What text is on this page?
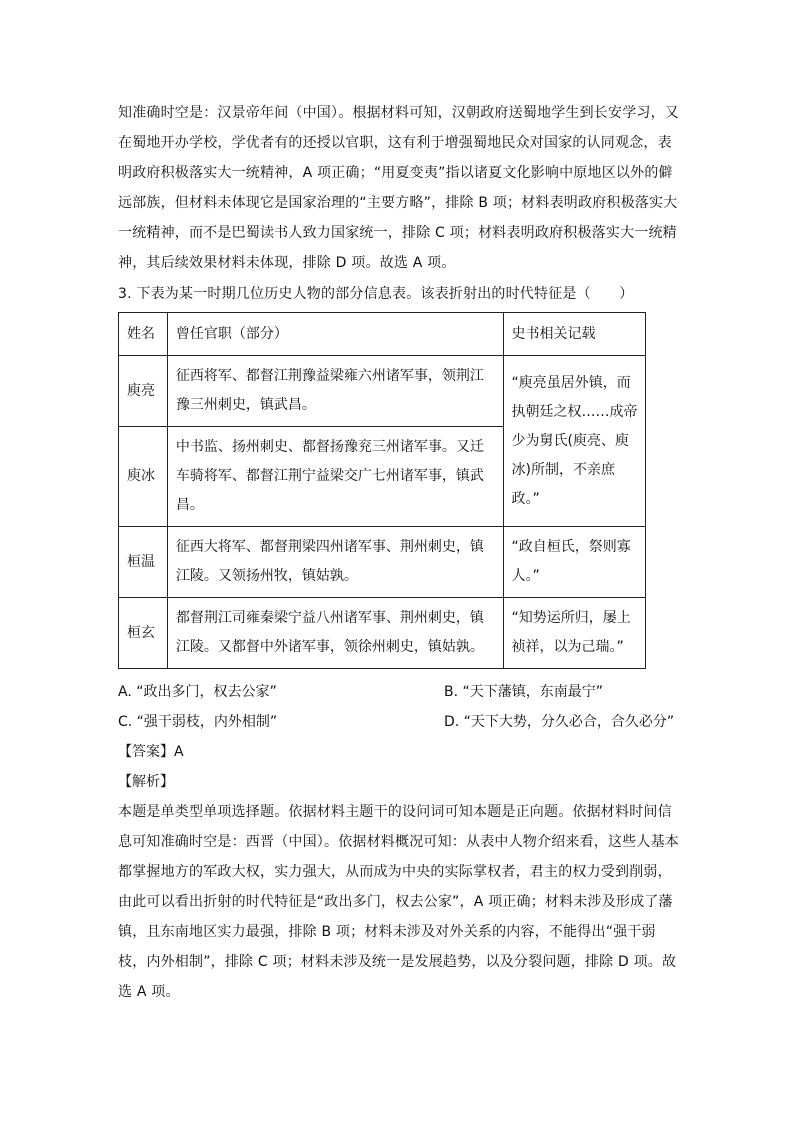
知准确时空是：汉景帝年间（中国）。根据材料可知，汉朝政府送蜀地学生到长安学习，又
在蜀地开办学校，学优者有的还授以官职，这有利于增强蜀地民众对国家的认同观念，表
明政府积极落实大一统精神，A 项正确；“用夏变夷”指以诸夏文化影响中原地区以外的僻
远部族，但材料未体现它是国家治理的“主要方略”，排除 B 项；材料表明政府积极落实大
一统精神，而不是巴蜀读书人致力国家统一，排除 C 项；材料表明政府积极落实大一统精
神，其后续效果材料未体现，排除 D 项。故选 A 项。

3. 下表为某一时期几位历史人物的部分信息表。该表折射出的时代特征是（　　）

姓名	曾任官职（部分）	史书相关记载
庾亮	征西将军、都督江荆豫益梁雍六州诸军事，领荆江
豫三州刺史，镇武昌。	“庾亮虽居外镇，而
执朝廷之权……成帝
少为舅氏(庾亮、庾
冰)所制，不亲庶
政。”

庾冰	中书监、扬州刺史、都督扬豫兖三州诸军事。又迁
车骑将军、都督江荆宁益梁交广七州诸军事，镇武
昌。	

桓温	征西大将军、都督荆梁四州诸军事、荆州刺史，镇
江陵。又领扬州牧，镇姑孰。	“政自桓氏，祭则寡
人。”

桓玄	都督荆江司雍秦梁宁益八州诸军事、荆州刺史，镇
江陵。又都督中外诸军事，领徐州刺史，镇姑孰。	“知势运所归，屡上
祯祥，以为己瑞。”
A. “政出多门，权去公家”	B. “天下藩镇，东南最宁”
C. “强干弱枝，内外相制”	D. “天下大势，分久必合，合久必分”

【答案】A

【解析】

本题是单类型单项选择题。依据材料主题干的设问词可知本题是正向题。依据材料时间信
息可知准确时空是：西晋（中国）。依据材料概况可知：从表中人物介绍来看，这些人基本
都掌握地方的军政大权，实力强大，从而成为中央的实际掌权者，君主的权力受到削弱，
由此可以看出折射的时代特征是“政出多门，权去公家”，A 项正确；材料未涉及形成了藩
镇，且东南地区实力最强，排除 B 项；材料未涉及对外关系的内容，不能得出“强干弱
枝，内外相制”，排除 C 项；材料未涉及统一是发展趋势，以及分裂问题，排除 D 项。故
选 A 项。
